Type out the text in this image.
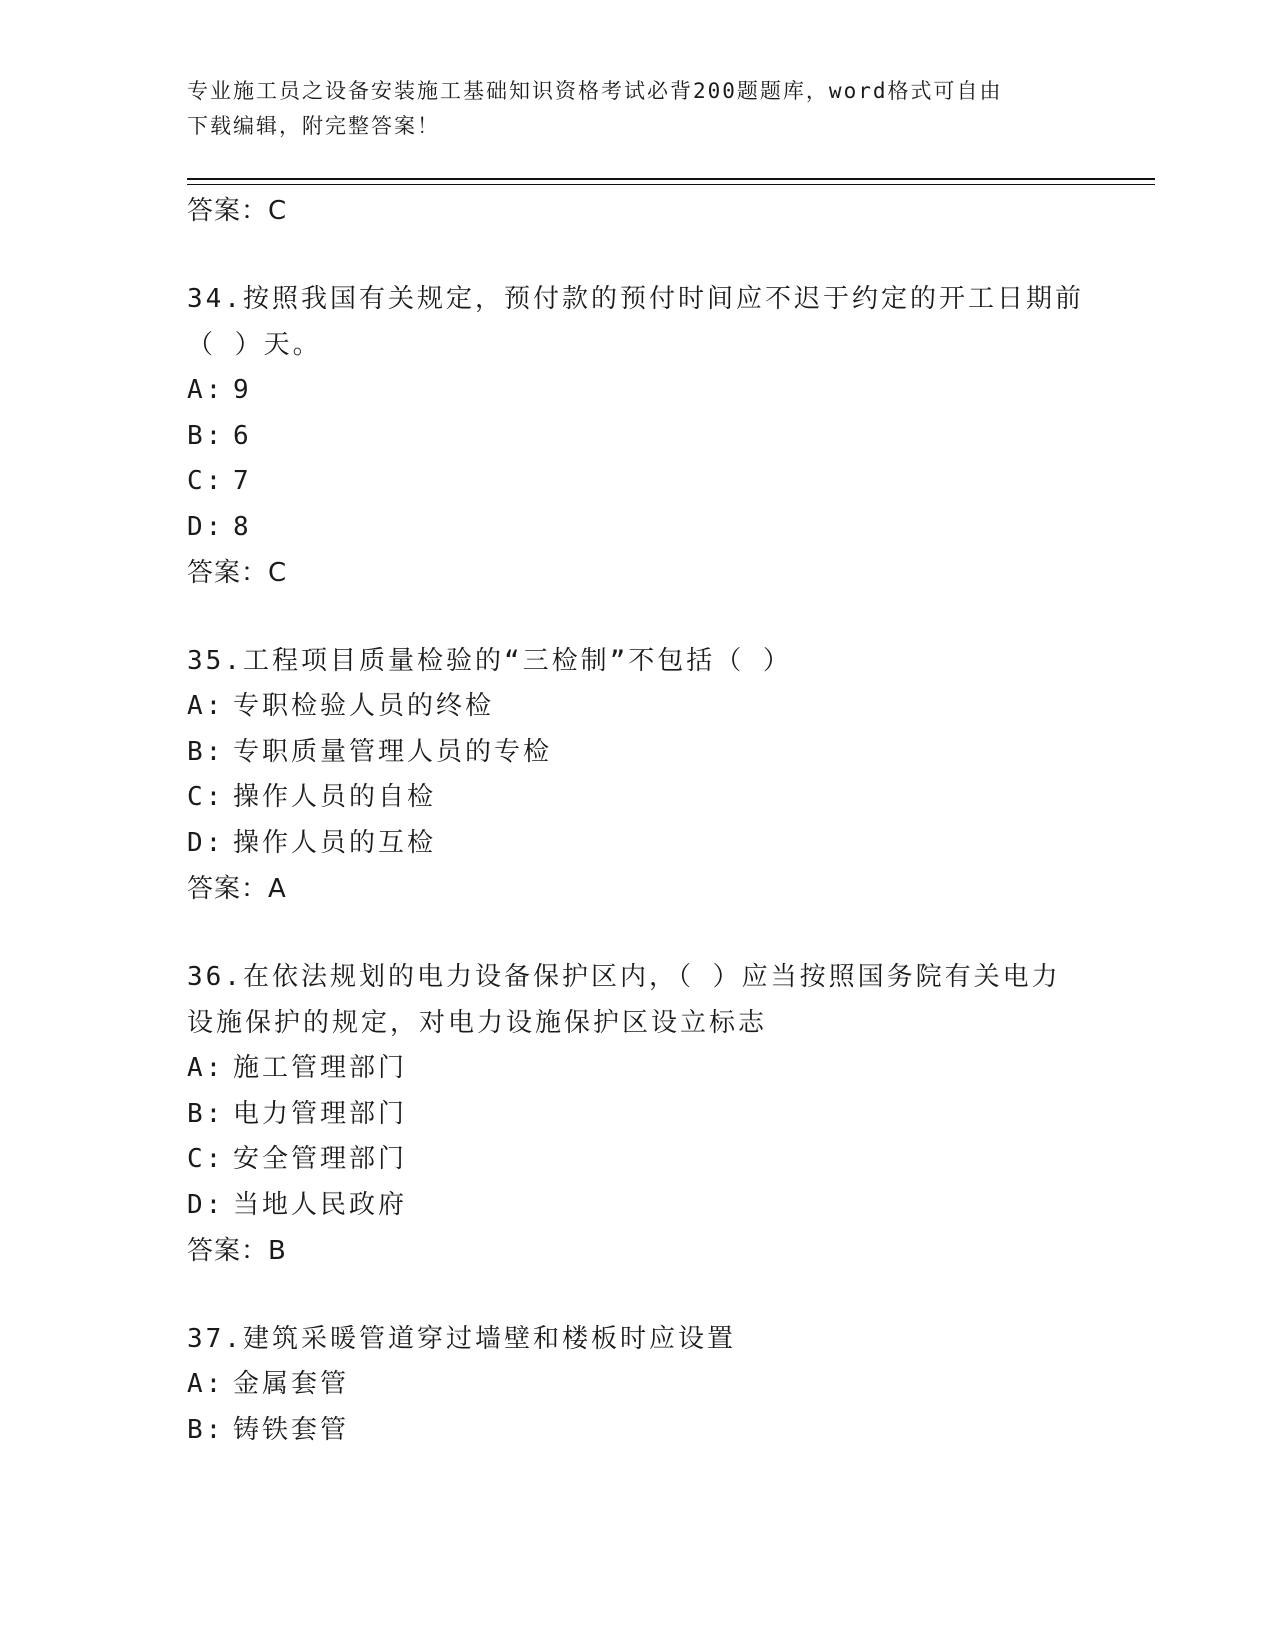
专业施工员之设备安装施工基础知识资格考试必背200题题库，word格式可自由
下载编辑，附完整答案！
答案：C
34.按照我国有关规定，预付款的预付时间应不迟于约定的开工日期前
（ ）天。
A: 9
B: 6
C: 7
D: 8
答案：C
35.工程项目质量检验的“三检制”不包括（ ）
A: 专职检验人员的终检
B: 专职质量管理人员的专检
C: 操作人员的自检
D: 操作人员的互检
答案：A
36.在依法规划的电力设备保护区内，（ ）应当按照国务院有关电力
设施保护的规定，对电力设施保护区设立标志
A: 施工管理部门
B: 电力管理部门
C: 安全管理部门
D: 当地人民政府
答案：B
37.建筑采暖管道穿过墙壁和楼板时应设置
A: 金属套管
B: 铸铁套管
